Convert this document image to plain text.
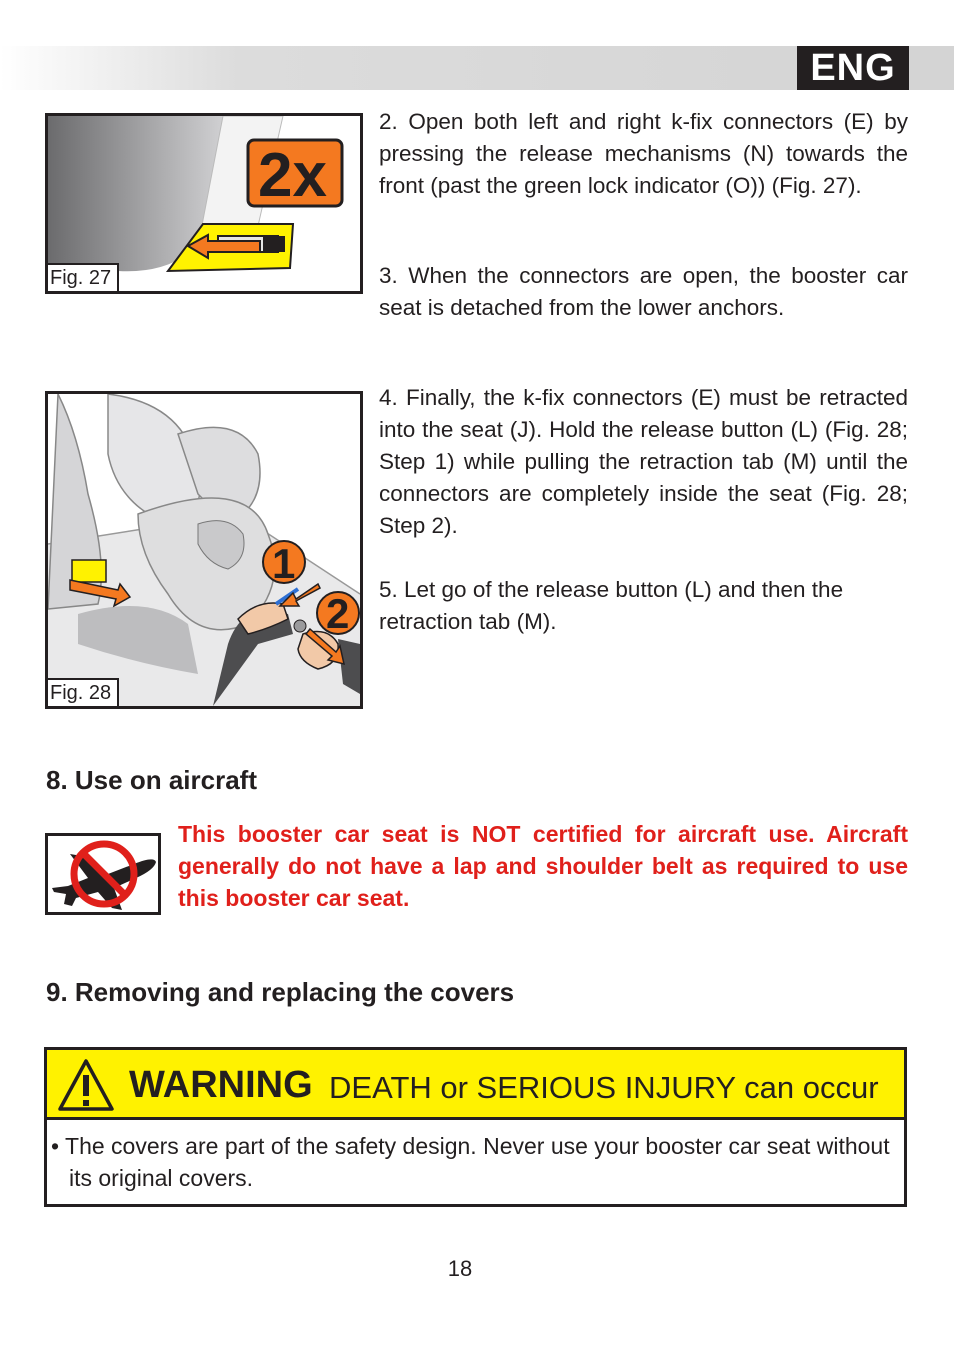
ENG
2x
Fig. 27
1
2
Fig. 28

2. Open both left and right k-fix connectors (E) by pressing the release mechanisms (N) towards the front (past the green lock indicator (O)) (Fig. 27).

3. When the connectors are open, the booster car seat is detached from the lower anchors.

4. Finally, the k-fix connectors (E) must be retracted into the seat (J). Hold the release button (L) (Fig. 28; Step 1) while pulling the retraction tab (M) until the connectors are completely inside the seat (Fig. 28; Step 2).

5. Let go of the release button (L) and then the retraction tab (M).

8. Use on aircraft

This booster car seat is NOT certified for aircraft use. Aircraft generally do not have a lap and shoulder belt as required to use this booster car seat.

9. Removing and replacing the covers
WARNING DEATH or SERIOUS INJURY can occur

• The covers are part of the safety design. Never use your booster car seat without its original covers.

18
